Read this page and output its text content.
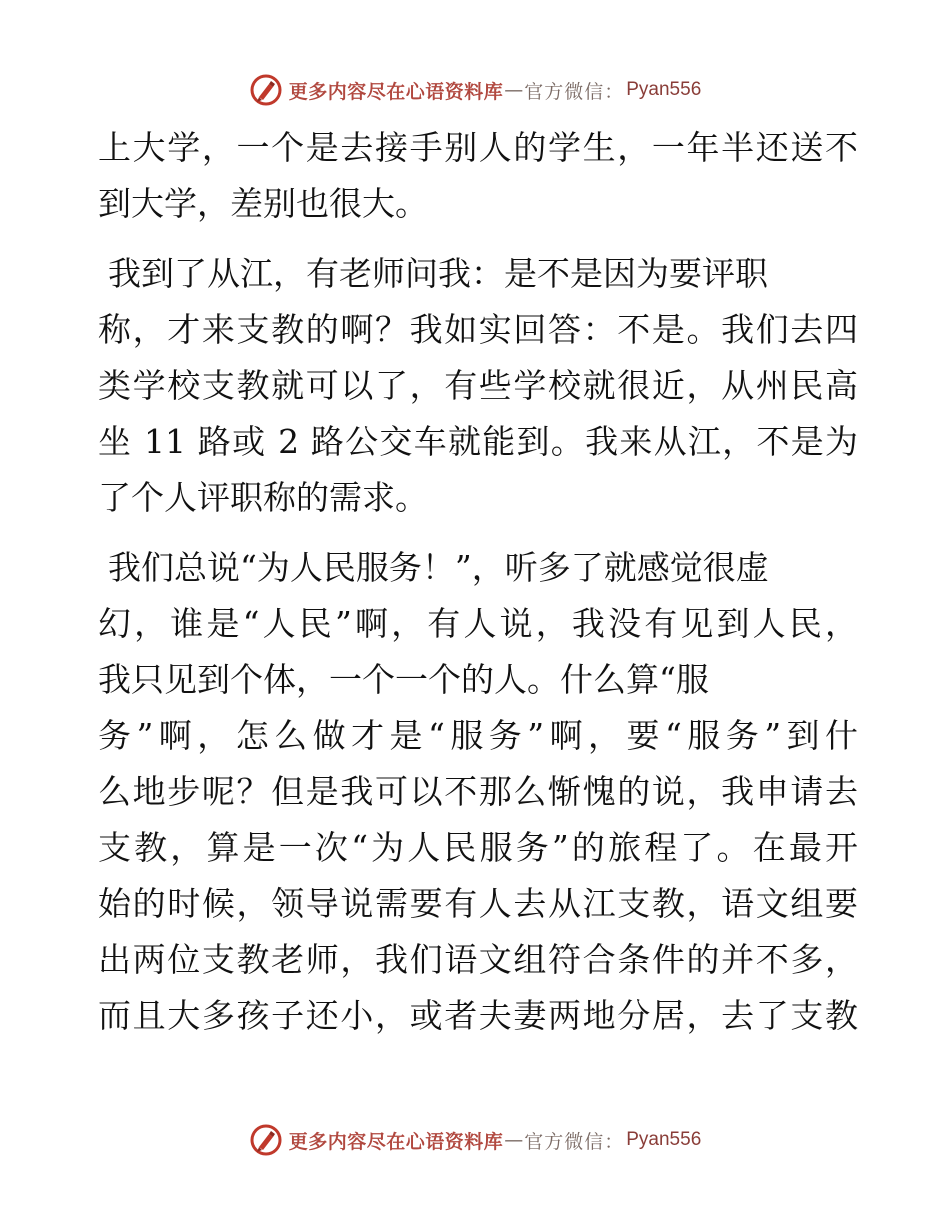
更多内容尽在心语资料库 — 官方微信： Pyan556
上大学，一个是去接手别人的学生，一年半还送不
到大学，差别也很大。
我到了从江，有老师问我：是不是因为要评职
称，才来支教的啊？我如实回答：不是。我们去四
类学校支教就可以了，有些学校就很近，从州民高
坐 11 路或 2 路公交车就能到。我来从江，不是为
了个人评职称的需求。
我们总说“为人民服务！”，听多了就感觉很虚
幻，谁是“人民”啊，有人说，我没有见到人民，
我只见到个体，一个一个的人。什么算“服
务”啊，怎么做才是“服务”啊，要“服务”到什
么地步呢？但是我可以不那么惭愧的说，我申请去
支教，算是一次“为人民服务”的旅程了。在最开
始的时候，领导说需要有人去从江支教，语文组要
出两位支教老师，我们语文组符合条件的并不多，
而且大多孩子还小，或者夫妻两地分居，去了支教
更多内容尽在心语资料库 — 官方微信： Pyan556
